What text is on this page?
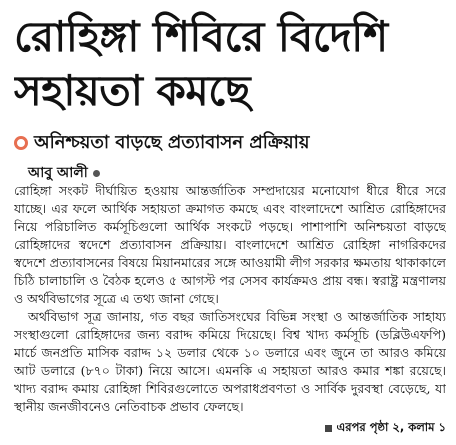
রোহিঙ্গা শিবিরে বিদেশি
সহায়তা কমছে
অনিশ্চয়তা বাড়ছে প্রত্যাবাসন প্রক্রিয়ায়
আবু আলী

রোহিঙ্গা সংকট দীর্ঘায়িত হওয়ায় আন্তর্জাতিক সম্প্রদায়ের মনোযোগ ধীরে ধীরে সরে যাচ্ছে। এর ফলে আর্থিক সহায়তা ক্রমাগত কমছে এবং বাংলাদেশে আশ্রিত রোহিঙ্গাদের নিয়ে পরিচালিত কর্মসূচিগুলো আর্থিক সংকটে পড়ছে। পাশাপাশি অনিশ্চয়তা বাড়ছে রোহিঙ্গাদের স্বদেশে প্রত্যাবাসন প্রক্রিয়ায়। বাংলাদেশে আশ্রিত রোহিঙ্গা নাগরিকদের স্বদেশে প্রত্যাবাসনের বিষয়ে মিয়ানমারের সঙ্গে আওয়ামী লীগ সরকার ক্ষমতায় থাকাকালে চিঠি চালাচালি ও বৈঠক হলেও ৫ আগস্ট পর সেসব কার্যক্রমও প্রায় বন্ধ। স্বরাষ্ট্র মন্ত্রণালয় ও অর্থবিভাগের সূত্রে এ তথ্য জানা গেছে।

অর্থবিভাগ সূত্র জানায়, গত বছর জাতিসংঘের বিভিন্ন সংস্থা ও আন্তর্জাতিক সাহায্য সংস্থাগুলো রোহিঙ্গাদের জন্য বরাদ্দ কমিয়ে দিয়েছে। বিশ্ব খাদ্য কর্মসূচি (ডব্লিউএফপি) মার্চে জনপ্রতি মাসিক বরাদ্দ ১২ ডলার থেকে ১০ ডলারে এবং জুনে তা আরও কমিয়ে আট ডলারে (৮৭০ টাকা) নিয়ে আসে। এমনকি এ সহায়তা আরও কমার শঙ্কা রয়েছে। খাদ্য বরাদ্দ কমায় রোহিঙ্গা শিবিরগুলোতে অপরাধপ্রবণতা ও সার্বিক দুরবস্থা বেড়েছে, যা স্থানীয় জনজীবনেও নেতিবাচক প্রভাব ফেলছে।

এরপর পৃষ্ঠা ২, কলাম ১
